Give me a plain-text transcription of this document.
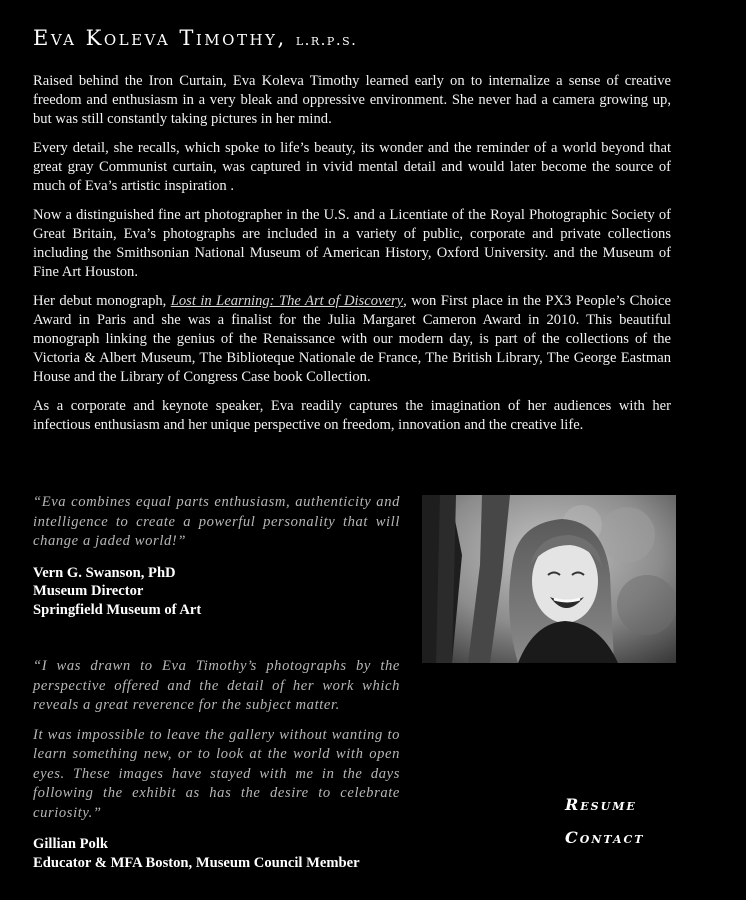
Eva Koleva Timothy, l.r.p.s.

Raised behind the Iron Curtain, Eva Koleva Timothy learned early on to internalize a sense of creative freedom and enthusiasm in a very bleak and oppressive environment. She never had a camera growing up, but was still constantly taking pictures in her mind.

Every detail, she recalls, which spoke to life’s beauty, its wonder and the reminder of a world beyond that great gray Communist curtain, was captured in vivid mental detail and would later become the source of much of Eva’s artistic inspiration .

Now a distinguished fine art photographer in the U.S. and a Licentiate of the Royal Photographic Society of Great Britain, Eva’s photographs are included in a variety of public, corporate and private collections including the Smithsonian National Museum of American History, Oxford University. and the Museum of Fine Art Houston.

Her debut monograph, Lost in Learning: The Art of Discovery, won First place in the PX3 People’s Choice Award in Paris and she was a finalist for the Julia Margaret Cameron Award in 2010. This beautiful monograph linking the genius of the Renaissance with our modern day, is part of the collections of the Victoria & Albert Museum, The Biblioteque Nationale de France, The British Library, The George Eastman House and the Library of Congress Case book Collection.

As a corporate and keynote speaker, Eva readily captures the imagination of her audiences with her infectious enthusiasm and her unique perspective on freedom, innovation and the creative life.

“Eva combines equal parts enthusiasm, authenticity and intelligence to create a powerful personality that will change a jaded world!”

Vern G. Swanson, PhD
Museum Director
Springfield Museum of Art

“I was drawn to Eva Timothy’s photographs by the perspective offered and the detail of her work which reveals a great reverence for the subject matter.

It was impossible to leave the gallery without wanting to learn something new, or to look at the world with open eyes. These images have stayed with me in the days following the exhibit as has the desire to celebrate curiosity.”

Gillian Polk
Educator & MFA Boston, Museum Council Member
Resume
Contact
